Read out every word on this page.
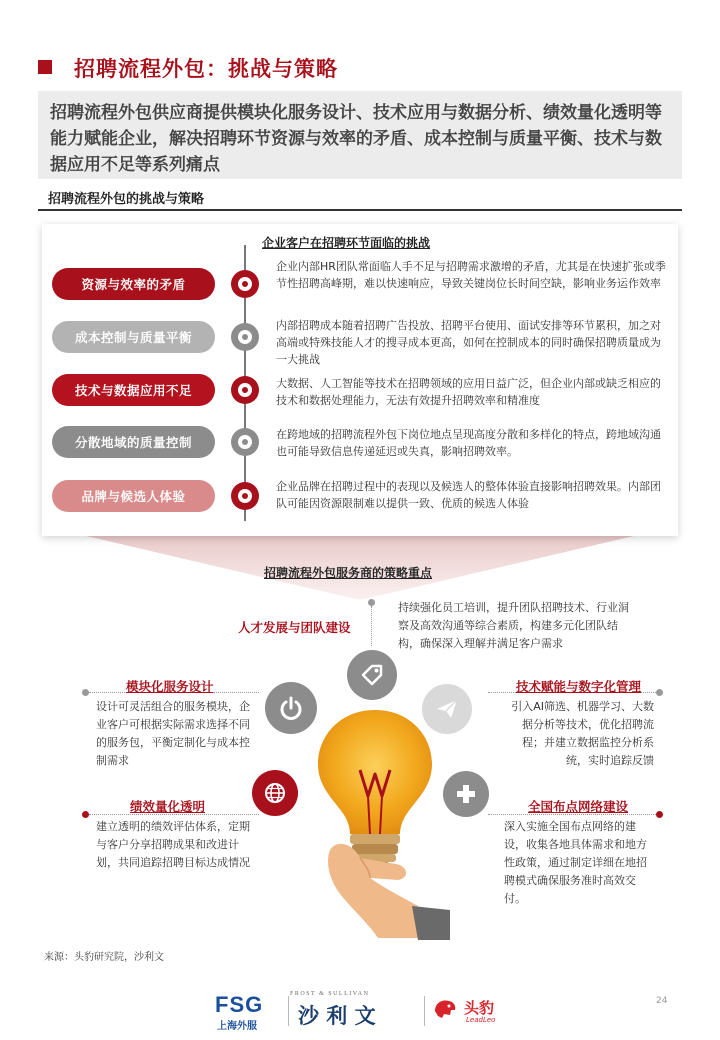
招聘流程外包：挑战与策略
招聘流程外包供应商提供模块化服务设计、技术应用与数据分析、绩效量化透明等能力赋能企业，解决招聘环节资源与效率的矛盾、成本控制与质量平衡、技术与数据应用不足等系列痛点
招聘流程外包的挑战与策略
企业客户在招聘环节面临的挑战
资源与效率的矛盾
企业内部HR团队常面临人手不足与招聘需求激增的矛盾，尤其是在快速扩张或季节性招聘高峰期，难以快速响应，导致关键岗位长时间空缺，影响业务运作效率
成本控制与质量平衡
内部招聘成本随着招聘广告投放、招聘平台使用、面试安排等环节累积，加之对高端或特殊技能人才的搜寻成本更高，如何在控制成本的同时确保招聘质量成为一大挑战
技术与数据应用不足	大数据、人工智能等技术在招聘领域的应用日益广泛，但企业内部或缺乏相应的技术和数据处理能力，无法有效提升招聘效率和精准度
分散地域的质量控制
在跨地域的招聘流程外包下岗位地点呈现高度分散和多样化的特点，跨地域沟通也可能导致信息传递延迟或失真，影响招聘效率。
品牌与候选人体验
企业品牌在招聘过程中的表现以及候选人的整体体验直接影响招聘效果。内部团队可能因资源限制难以提供一致、优质的候选人体验
招聘流程外包服务商的策略重点
人才发展与团队建设
持续强化员工培训，提升团队招聘技术、行业洞察及高效沟通等综合素质，构建多元化团队结构，确保深入理解并满足客户需求
模块化服务设计
设计可灵活组合的服务模块，企业客户可根据实际需求选择不同的服务包，平衡定制化与成本控制需求
技术赋能与数字化管理
引入AI筛选、机器学习、大数据分析等技术，优化招聘流程；并建立数据监控分析系统，实时追踪反馈
绩效量化透明
建立透明的绩效评估体系，定期与客户分享招聘成果和改进计划，共同追踪招聘目标达成情况
全国布点网络建设
深入实施全国布点网络的建设，收集各地具体需求和地方性政策，通过制定详细在地招聘模式确保服务准时高效交付。
来源：头豹研究院，沙利文
FSG
上海外服
FROST & SULLIVAN
沙 利 文	头豹
LeadLeo
24
